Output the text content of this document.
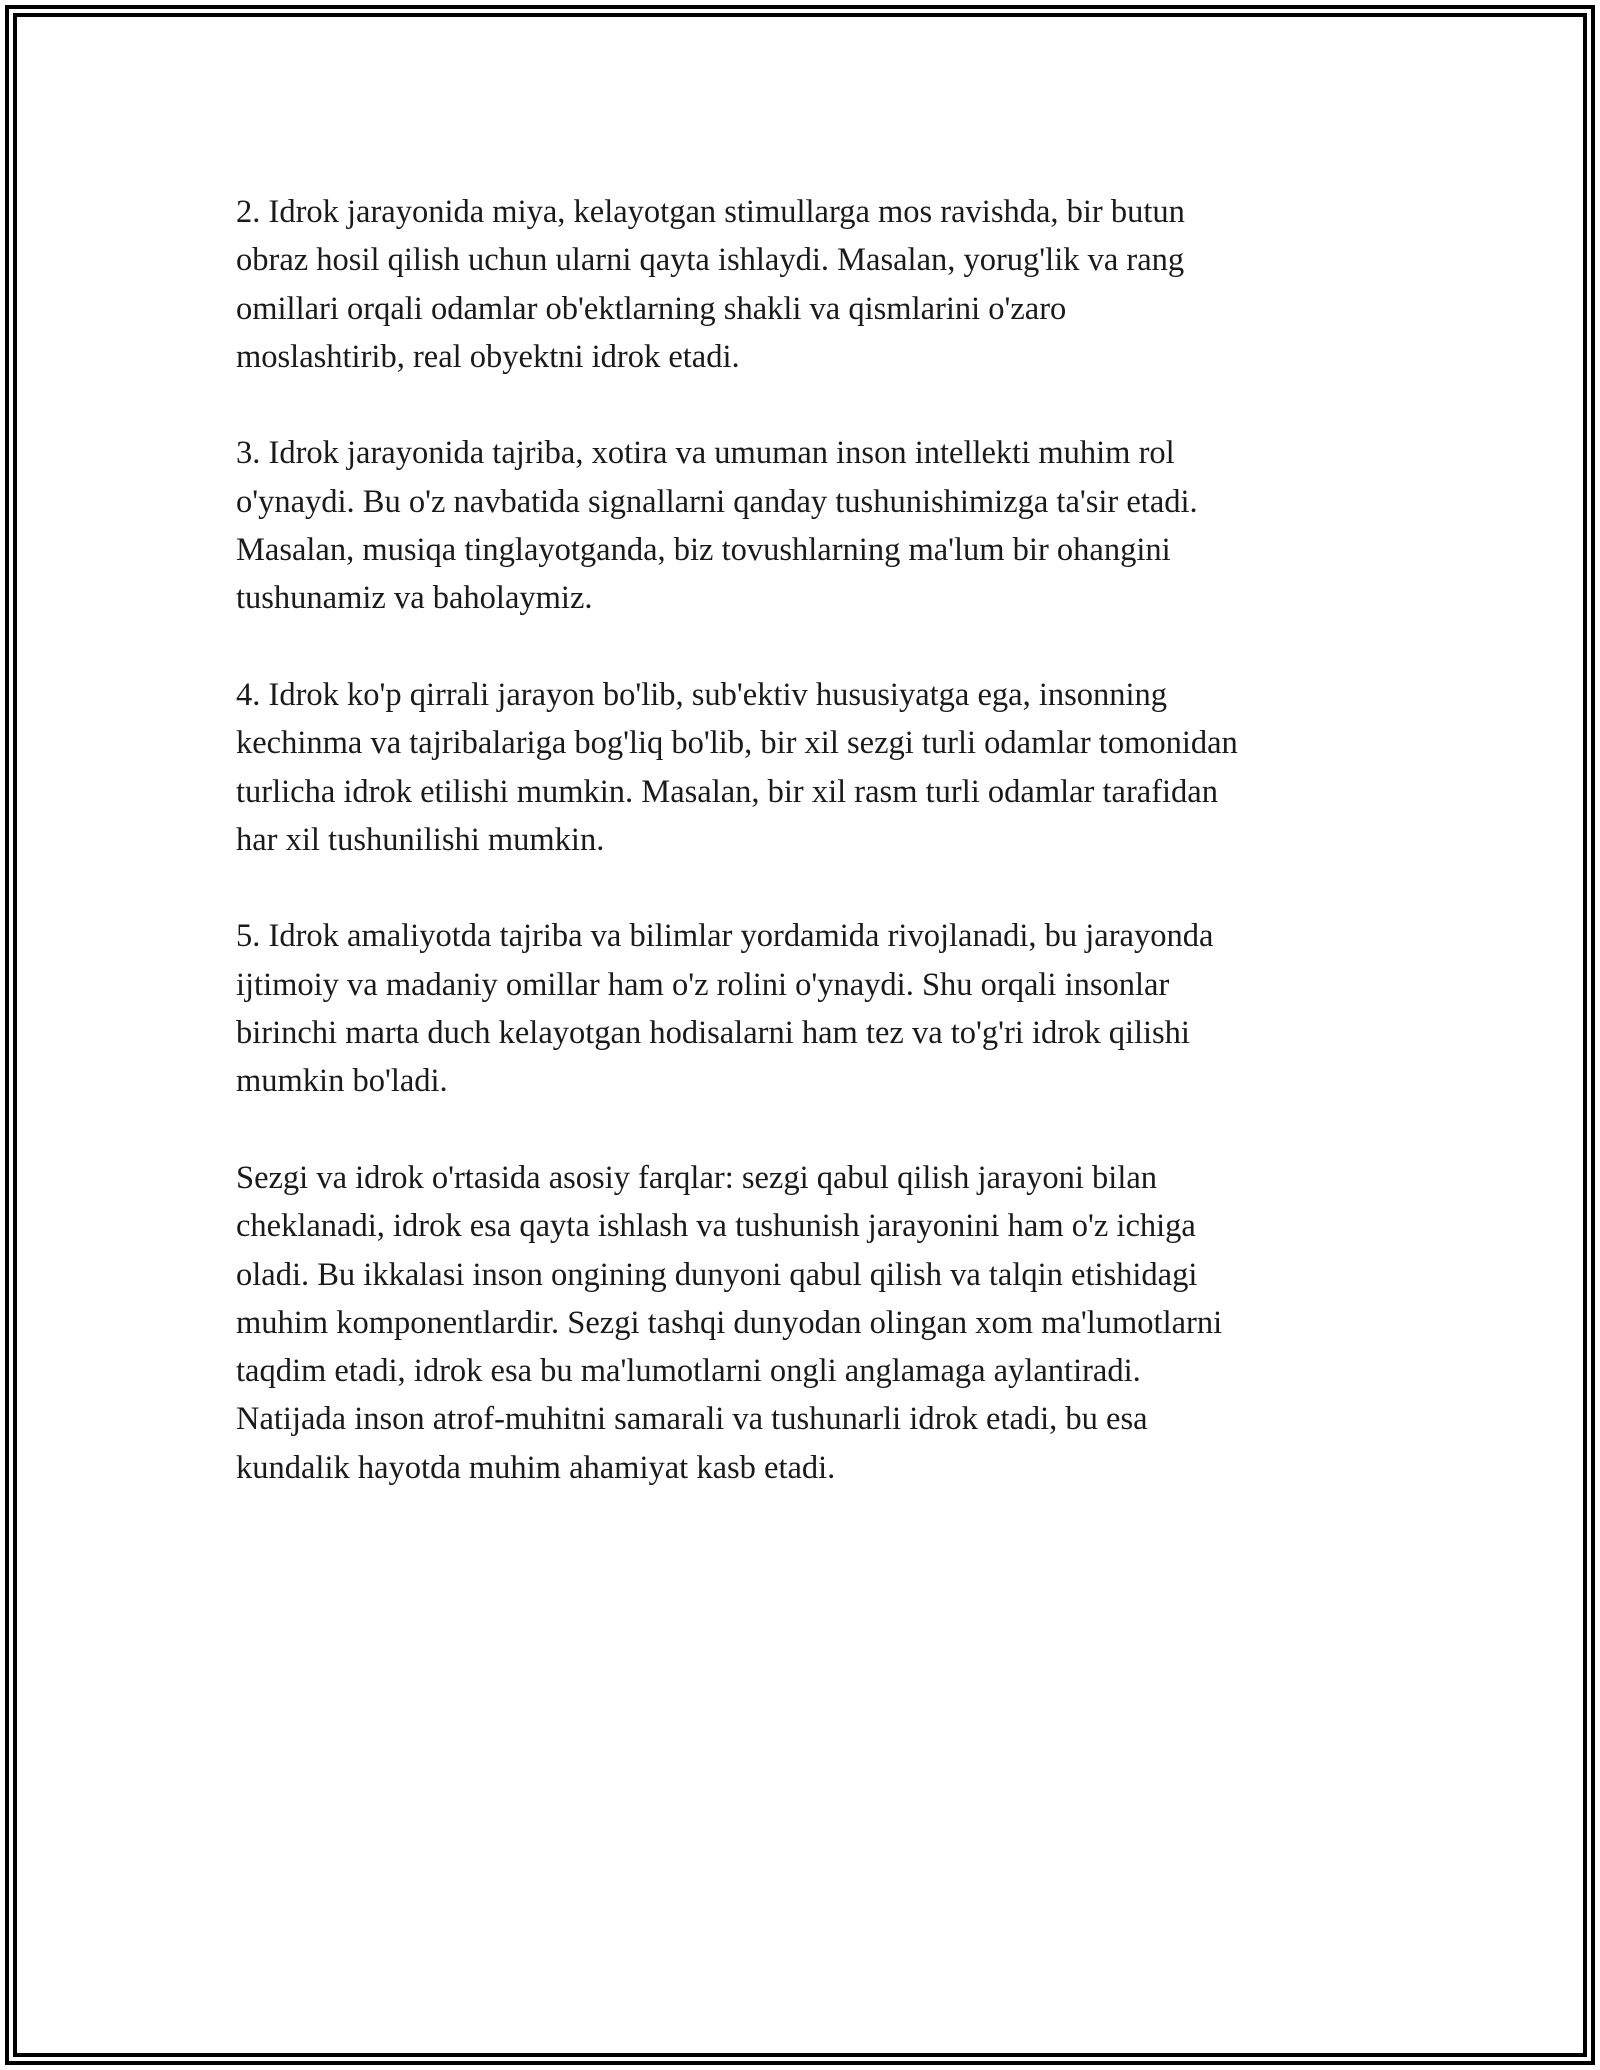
2. Idrok jarayonida miya, kelayotgan stimullarga mos ravishda, bir butun
obraz hosil qilish uchun ularni qayta ishlaydi. Masalan, yorug'lik va rang
omillari orqali odamlar ob'ektlarning shakli va qismlarini o'zaro
moslashtirib, real obyektni idrok etadi.

3. Idrok jarayonida tajriba, xotira va umuman inson intellekti muhim rol
o'ynaydi. Bu o'z navbatida signallarni qanday tushunishimizga ta'sir etadi.
Masalan, musiqa tinglayotganda, biz tovushlarning ma'lum bir ohangini
tushunamiz va baholaymiz.

4. Idrok ko'p qirrali jarayon bo'lib, sub'ektiv hususiyatga ega, insonning
kechinma va tajribalariga bog'liq bo'lib, bir xil sezgi turli odamlar tomonidan
turlicha idrok etilishi mumkin. Masalan, bir xil rasm turli odamlar tarafidan
har xil tushunilishi mumkin.

5. Idrok amaliyotda tajriba va bilimlar yordamida rivojlanadi, bu jarayonda
ijtimoiy va madaniy omillar ham o'z rolini o'ynaydi. Shu orqali insonlar
birinchi marta duch kelayotgan hodisalarni ham tez va to'g'ri idrok qilishi
mumkin bo'ladi.

Sezgi va idrok o'rtasida asosiy farqlar: sezgi qabul qilish jarayoni bilan
cheklanadi, idrok esa qayta ishlash va tushunish jarayonini ham o'z ichiga
oladi. Bu ikkalasi inson ongining dunyoni qabul qilish va talqin etishidagi
muhim komponentlardir. Sezgi tashqi dunyodan olingan xom ma'lumotlarni
taqdim etadi, idrok esa bu ma'lumotlarni ongli anglamaga aylantiradi.
Natijada inson atrof-muhitni samarali va tushunarli idrok etadi, bu esa
kundalik hayotda muhim ahamiyat kasb etadi.
